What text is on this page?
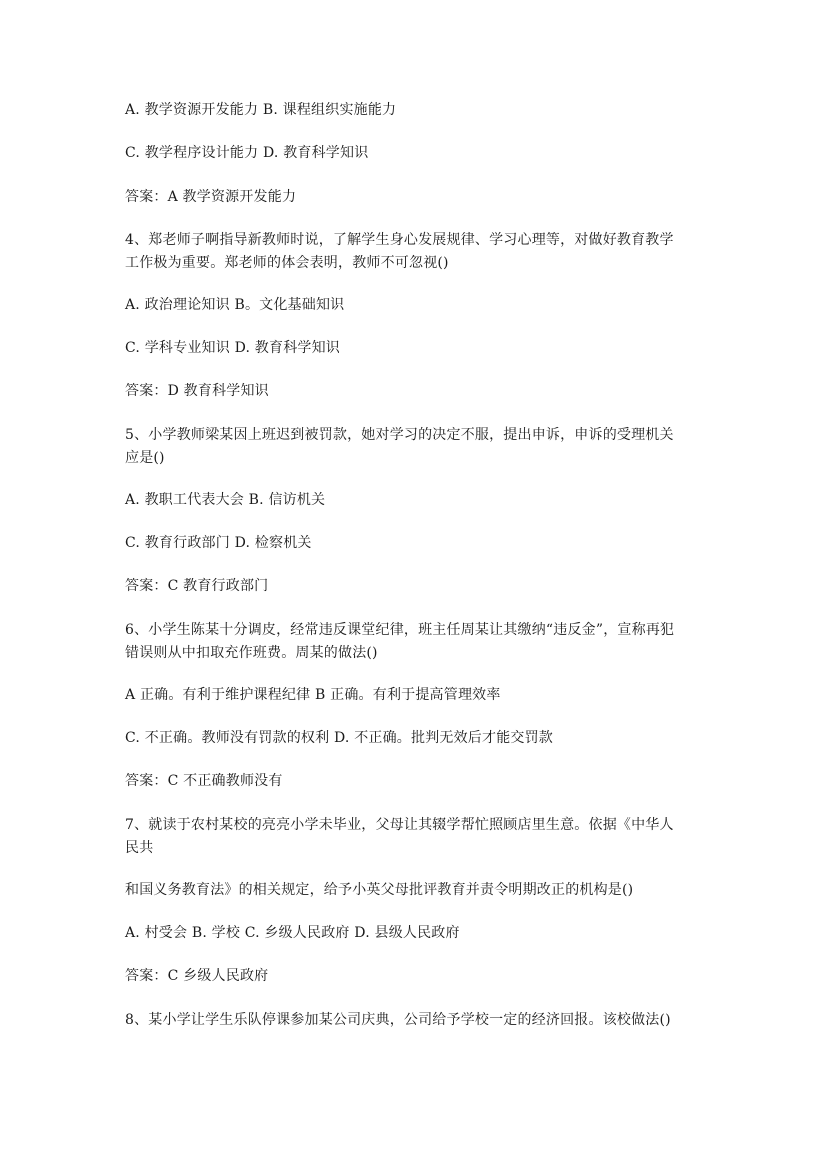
A. 教学资源开发能力 B. 课程组织实施能力
C. 教学程序设计能力 D. 教育科学知识
答案：A 教学资源开发能力
4、郑老师子啊指导新教师时说，了解学生身心发展规律、学习心理等，对做好教育教学
工作极为重要。郑老师的体会表明，教师不可忽视()
A. 政治理论知识 B。文化基础知识
C. 学科专业知识 D. 教育科学知识
答案：D 教育科学知识
5、小学教师梁某因上班迟到被罚款，她对学习的决定不服，提出申诉，申诉的受理机关
应是()
A. 教职工代表大会 B. 信访机关
C. 教育行政部门 D. 检察机关
答案：C 教育行政部门
6、小学生陈某十分调皮，经常违反课堂纪律，班主任周某让其缴纳“违反金”，宣称再犯
错误则从中扣取充作班费。周某的做法()
A 正确。有利于维护课程纪律 B 正确。有利于提高管理效率
C. 不正确。教师没有罚款的权利 D. 不正确。批判无效后才能交罚款
答案：C 不正确教师没有
7、就读于农村某校的亮亮小学未毕业，父母让其辍学帮忙照顾店里生意。依据《中华人
民共
和国义务教育法》的相关规定，给予小英父母批评教育并责令明期改正的机构是()
A. 村受会 B. 学校 C. 乡级人民政府 D. 县级人民政府
答案：C 乡级人民政府
8、某小学让学生乐队停课参加某公司庆典，公司给予学校一定的经济回报。该校做法()
